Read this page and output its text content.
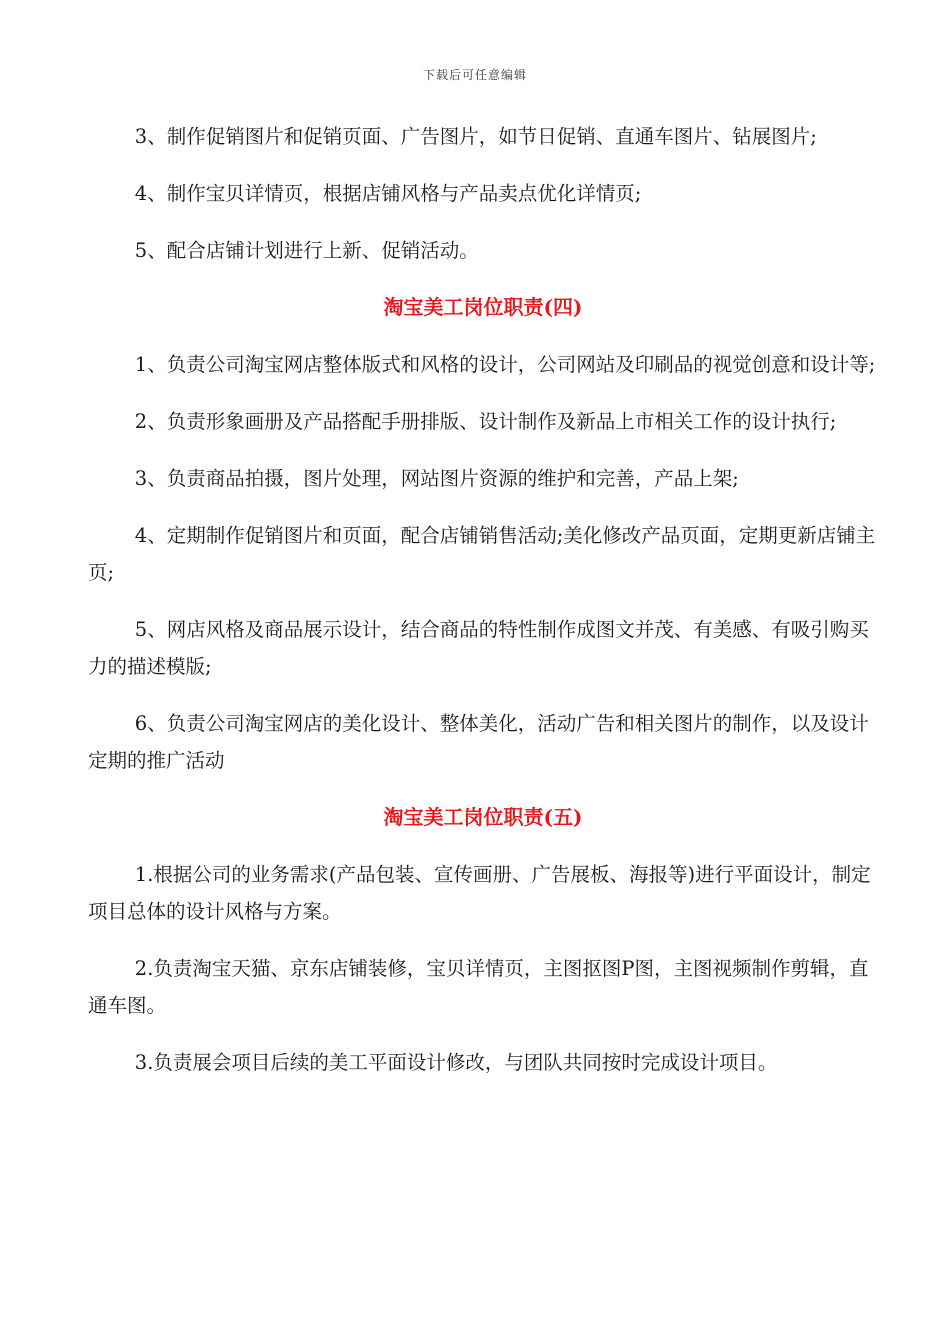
下载后可任意编辑

3、制作促销图片和促销页面、广告图片，如节日促销、直通车图片、钻展图片;

4、制作宝贝详情页，根据店铺风格与产品卖点优化详情页;

5、配合店铺计划进行上新、促销活动。

淘宝美工岗位职责(四)

1、负责公司淘宝网店整体版式和风格的设计，公司网站及印刷品的视觉创意和设计等;

2、负责形象画册及产品搭配手册排版、设计制作及新品上市相关工作的设计执行;

3、负责商品拍摄，图片处理，网站图片资源的维护和完善，产品上架;

4、定期制作促销图片和页面，配合店铺销售活动;美化修改产品页面，定期更新店铺主页;

5、网店风格及商品展示设计，结合商品的特性制作成图文并茂、有美感、有吸引购买力的描述模版;

6、负责公司淘宝网店的美化设计、整体美化，活动广告和相关图片的制作，以及设计定期的推广活动

淘宝美工岗位职责(五)

1.根据公司的业务需求(产品包装、宣传画册、广告展板、海报等)进行平面设计，制定项目总体的设计风格与方案。

2.负责淘宝天猫、京东店铺装修，宝贝详情页，主图抠图P图，主图视频制作剪辑，直通车图。

3.负责展会项目后续的美工平面设计修改，与团队共同按时完成设计项目。
